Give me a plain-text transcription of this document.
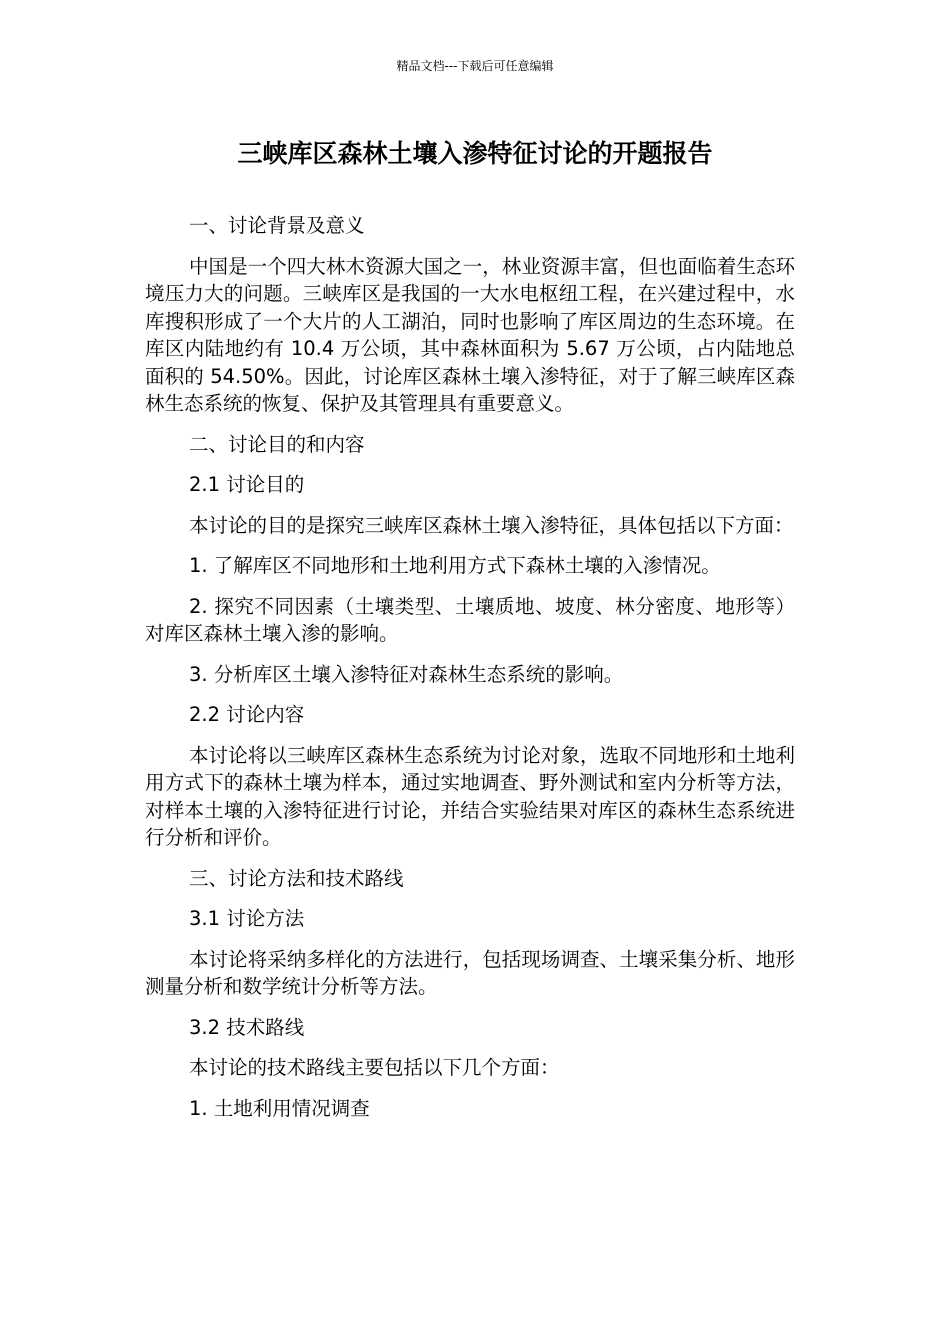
精品文档---下载后可任意编辑
三峡库区森林土壤入渗特征讨论的开题报告

一、讨论背景及意义

中国是一个四大林木资源大国之一，林业资源丰富，但也面临着生态环境压力大的问题。三峡库区是我国的一大水电枢纽工程，在兴建过程中，水库搜积形成了一个大片的人工湖泊，同时也影响了库区周边的生态环境。在库区内陆地约有 10.4 万公顷，其中森林面积为 5.67 万公顷，占内陆地总面积的 54.50%。因此，讨论库区森林土壤入渗特征，对于了解三峡库区森林生态系统的恢复、保护及其管理具有重要意义。

二、讨论目的和内容

2.1 讨论目的

本讨论的目的是探究三峡库区森林土壤入渗特征，具体包括以下方面：

1. 了解库区不同地形和土地利用方式下森林土壤的入渗情况。

2. 探究不同因素（土壤类型、土壤质地、坡度、林分密度、地形等）对库区森林土壤入渗的影响。

3. 分析库区土壤入渗特征对森林生态系统的影响。

2.2 讨论内容

本讨论将以三峡库区森林生态系统为讨论对象，选取不同地形和土地利用方式下的森林土壤为样本，通过实地调查、野外测试和室内分析等方法，对样本土壤的入渗特征进行讨论，并结合实验结果对库区的森林生态系统进行分析和评价。

三、讨论方法和技术路线

3.1 讨论方法

本讨论将采纳多样化的方法进行，包括现场调查、土壤采集分析、地形测量分析和数学统计分析等方法。

3.2 技术路线

本讨论的技术路线主要包括以下几个方面：

1. 土地利用情况调查
